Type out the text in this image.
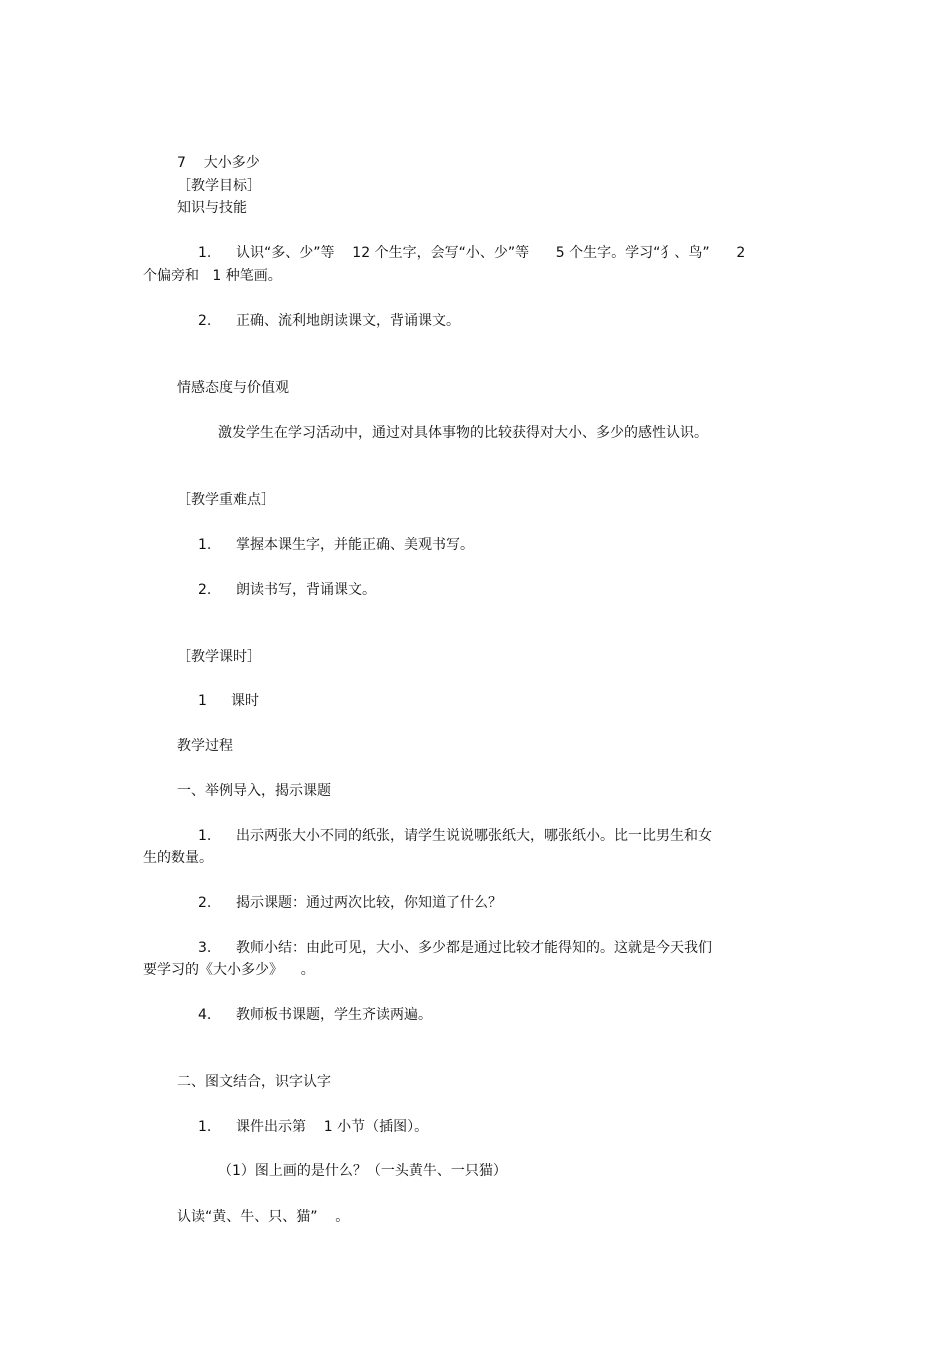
7    大小多少
［教学目标］
知识与技能
1. 认识“多、少”等    12 个生字，会写“小、少”等      5 个生字。学习“犭、鸟”      2
个偏旁和   1 种笔画。
2. 正确、流利地朗读课文，背诵课文。
情感态度与价值观
激发学生在学习活动中，通过对具体事物的比较获得对大小、多少的感性认识。
［教学重难点］
1. 掌握本课生字，并能正确、美观书写。
2. 朗读书写，背诵课文。
［教学课时］
1 课时
教学过程
一、举例导入，揭示课题
1. 出示两张大小不同的纸张，请学生说说哪张纸大，哪张纸小。比一比男生和女
生的数量。
2. 揭示课题：通过两次比较，你知道了什么？
3. 教师小结：由此可见，大小、多少都是通过比较才能得知的。这就是今天我们
要学习的《大小多少》    。
4. 教师板书课题，学生齐读两遍。
二、图文结合，识字认字
1. 课件出示第    1 小节（插图）。
（1）图上画的是什么？（一头黄牛、一只猫）
认读“黄、牛、只、猫”    。
